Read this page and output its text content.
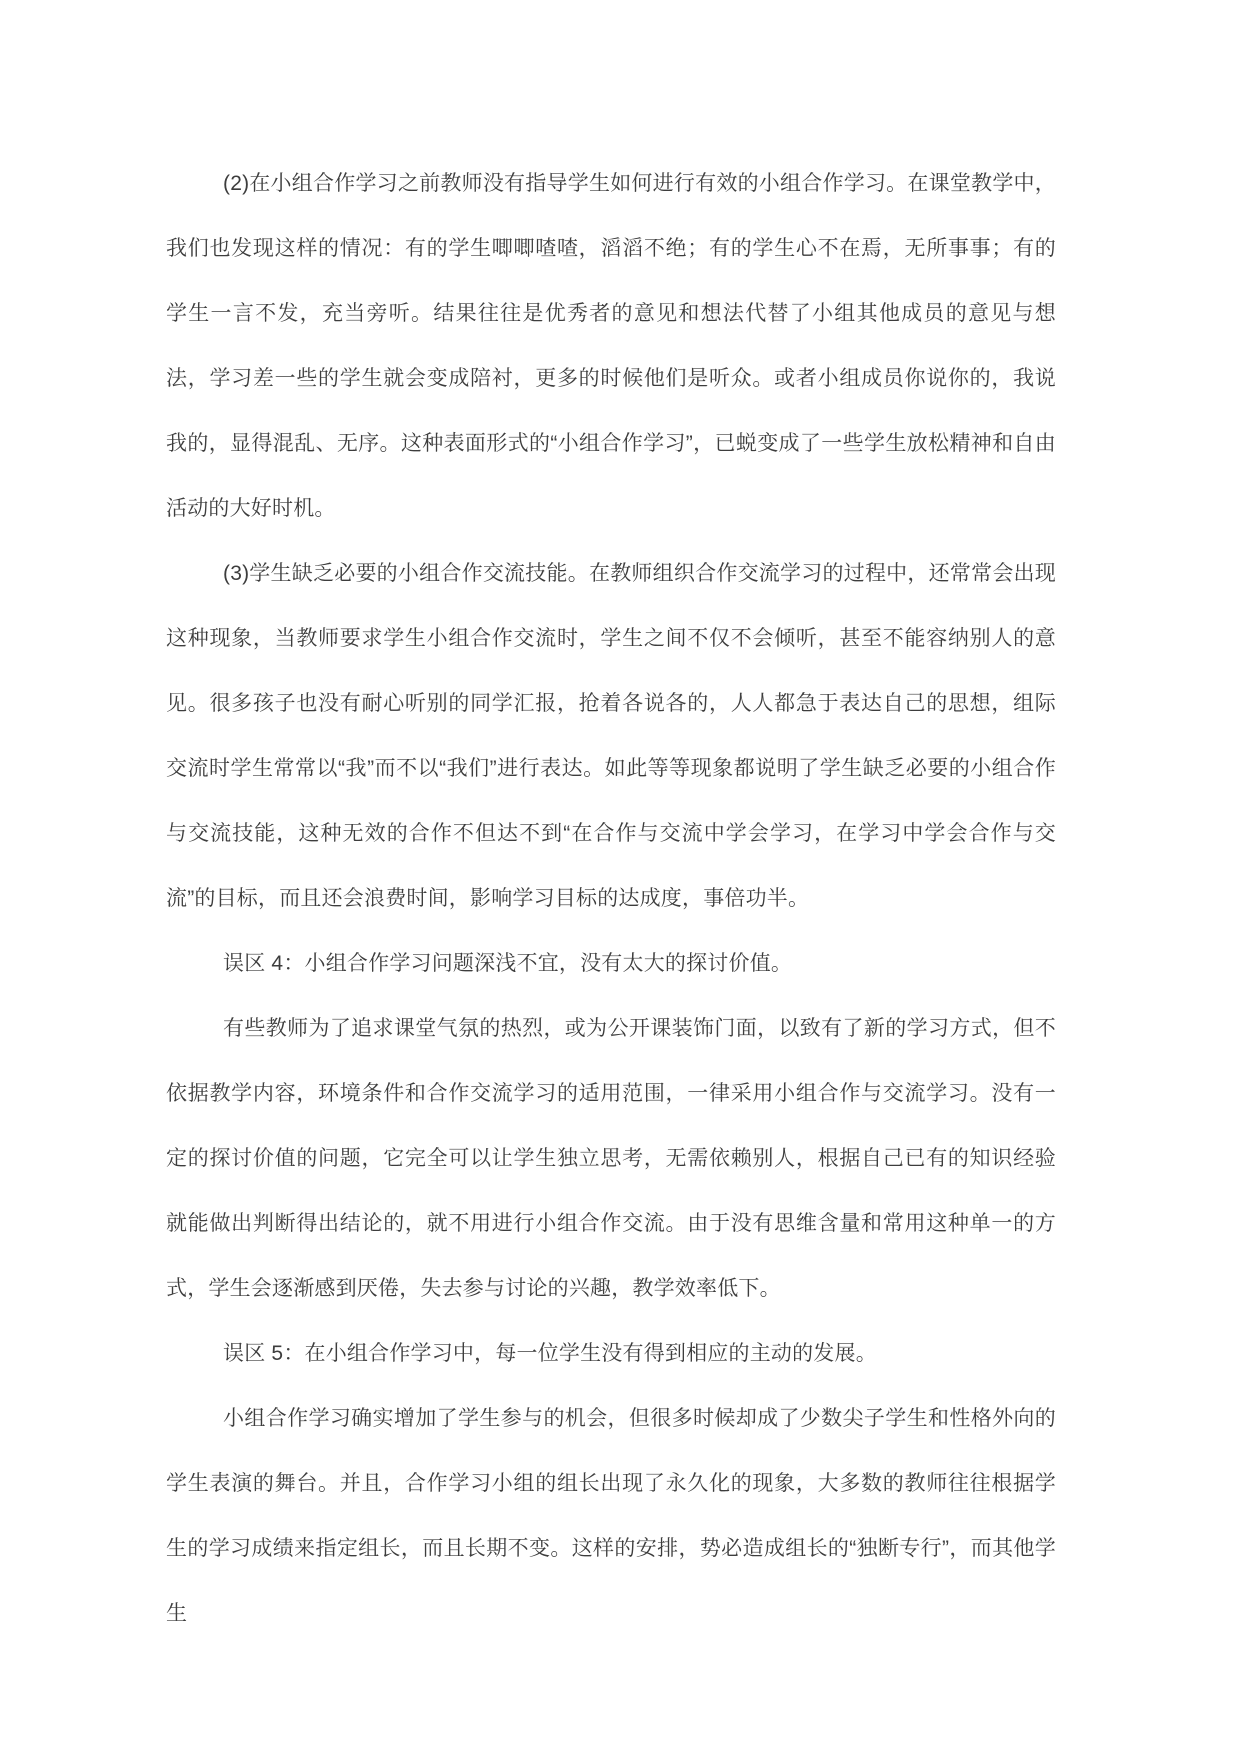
(2)在小组合作学习之前教师没有指导学生如何进行有效的小组合作学习。在课堂教学中，我们也发现这样的情况：有的学生唧唧喳喳，滔滔不绝；有的学生心不在焉，无所事事；有的学生一言不发，充当旁听。结果往往是优秀者的意见和想法代替了小组其他成员的意见与想法，学习差一些的学生就会变成陪衬，更多的时候他们是听众。或者小组成员你说你的，我说我的，显得混乱、无序。这种表面形式的“小组合作学习”，已蜕变成了一些学生放松精神和自由活动的大好时机。

(3)学生缺乏必要的小组合作交流技能。在教师组织合作交流学习的过程中，还常常会出现这种现象，当教师要求学生小组合作交流时，学生之间不仅不会倾听，甚至不能容纳别人的意见。很多孩子也没有耐心听别的同学汇报，抢着各说各的，人人都急于表达自己的思想，组际交流时学生常常以“我”而不以“我们”进行表达。如此等等现象都说明了学生缺乏必要的小组合作与交流技能，这种无效的合作不但达不到“在合作与交流中学会学习，在学习中学会合作与交流”的目标，而且还会浪费时间，影响学习目标的达成度，事倍功半。

误区 4：小组合作学习问题深浅不宜，没有太大的探讨价值。

有些教师为了追求课堂气氛的热烈，或为公开课装饰门面，以致有了新的学习方式，但不依据教学内容，环境条件和合作交流学习的适用范围，一律采用小组合作与交流学习。没有一定的探讨价值的问题，它完全可以让学生独立思考，无需依赖别人，根据自己已有的知识经验就能做出判断得出结论的，就不用进行小组合作交流。由于没有思维含量和常用这种单一的方式，学生会逐渐感到厌倦，失去参与讨论的兴趣，教学效率低下。

误区 5：在小组合作学习中，每一位学生没有得到相应的主动的发展。

小组合作学习确实增加了学生参与的机会，但很多时候却成了少数尖子学生和性格外向的学生表演的舞台。并且，合作学习小组的组长出现了永久化的现象，大多数的教师往往根据学生的学习成绩来指定组长，而且长期不变。这样的安排，势必造成组长的“独断专行”，而其他学生
